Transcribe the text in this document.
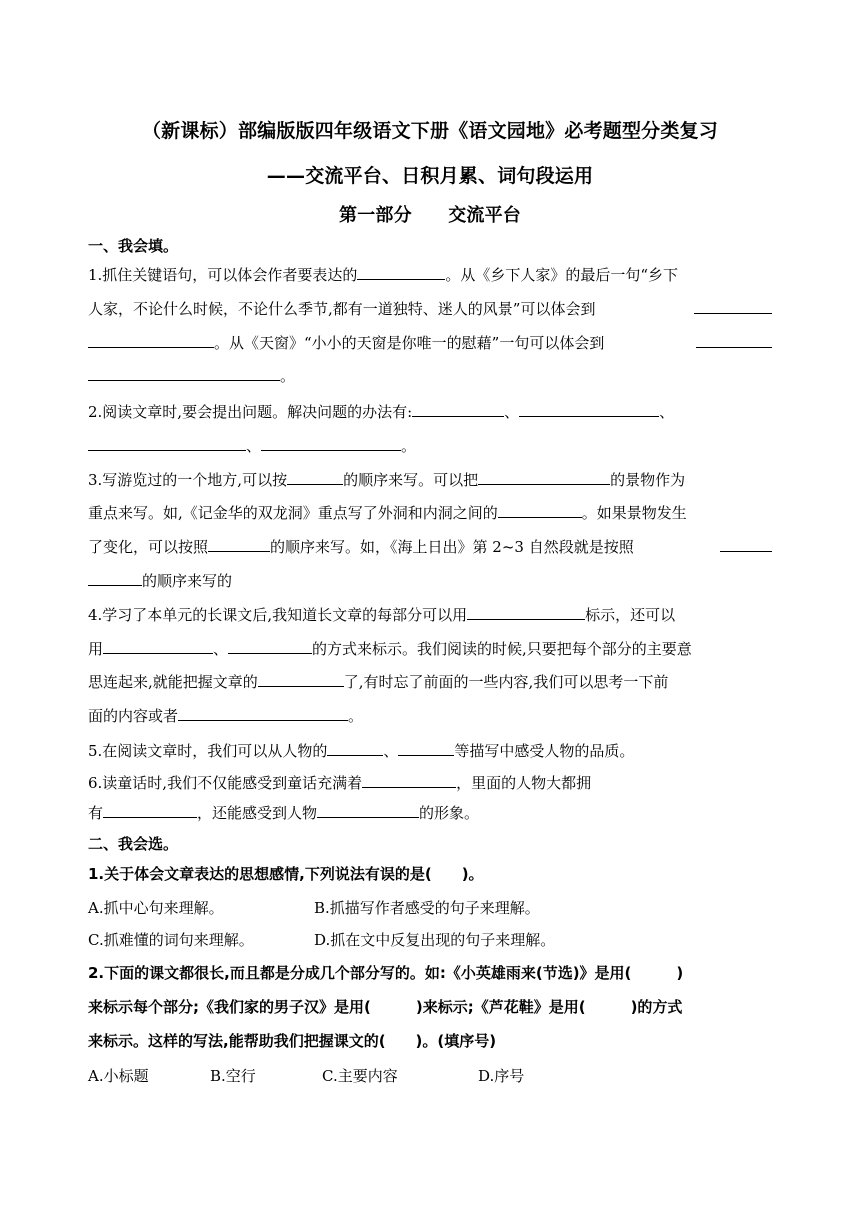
（新课标）部编版版四年级语文下册《语文园地》必考题型分类复习
——交流平台、日积月累、词句段运用
第一部分　　交流平台
一、我会填。
1.抓住关键语句，可以体会作者要表达的	。从《乡下人家》的最后一句“乡下
人家，不论什么时候，不论什么季节,都有一道独特、迷人的风景”可以体会到
。从《天窗》“小小的天窗是你唯一的慰藉”一句可以体会到
。
2.阅读文章时,要会提出问题。解决问题的办法有:	、	、
、	。
3.写游览过的一个地方,可以按	的顺序来写。可以把	的景物作为
重点来写。如,《记金华的双龙洞》重点写了外洞和内洞之间的	。如果景物发生
了变化，可以按照	的顺序来写。如，《海上日出》第 2~3 自然段就是按照
的顺序来写的
4.学习了本单元的长课文后,我知道长文章的每部分可以用	标示，还可以
用	、	的方式来标示。我们阅读的时候,只要把每个部分的主要意
思连起来,就能把握文章的	了,有时忘了前面的一些内容,我们可以思考一下前
面的内容或者	。
5.在阅读文章时，我们可以从人物的	、	等描写中感受人物的品质。
6.读童话时,我们不仅能感受到童话充满着	，里面的人物大都拥
有	，还能感受到人物	的形象。
二、我会选。
1.关于体会文章表达的思想感情,下列说法有误的是(　　)。
A.抓中心句来理解。	B.抓描写作者感受的句子来理解。
C.抓难懂的词句来理解。	D.抓在文中反复出现的句子来理解。
2.下面的课文都很长,而且都是分成几个部分写的。如:《小英雄雨来(节选)》是用(　　　)
来标示每个部分;《我们家的男子汉》是用(　　　)来标示;《芦花鞋》是用(　　　)的方式
来标示。这样的写法,能帮助我们把握课文的(　　)。(填序号)
A.小标题	B.空行	C.主要内容	D.序号
